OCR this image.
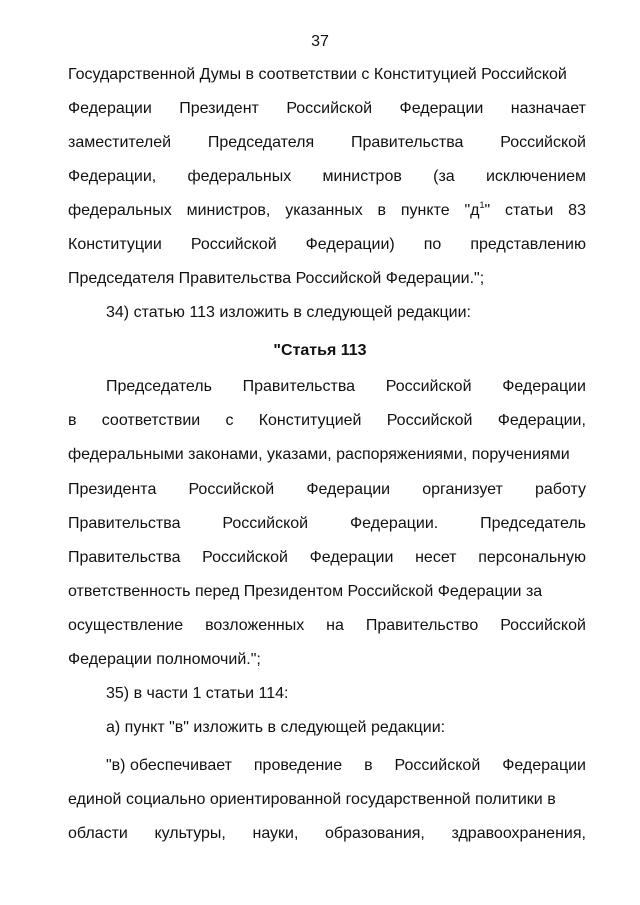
37
Государственной Думы в соответствии с Конституцией Российской
Федерации Президент Российской Федерации назначает
заместителей Председателя Правительства Российской
Федерации, федеральных министров (за исключением
федеральных министров, указанных в пункте "$д^1$" статьи 83
Конституции Российской Федерации) по представлению
Председателя Правительства Российской Федерации.";
34) статью 113 изложить в следующей редакции:
"Статья 113
Председатель Правительства Российской Федерации
в соответствии с Конституцией Российской Федерации,
федеральными законами, указами, распоряжениями, поручениями
Президента Российской Федерации организует работу
Правительства	Российской	Федерации.	Председатель
Правительства Российской Федерации несет персональную
ответственность перед Президентом Российской Федерации за
осуществление возложенных на Правительство Российской
Федерации полномочий.";
35) в части 1 статьи 114:
а) пункт "в" изложить в следующей редакции:
"в) обеспечивает проведение в Российской Федерации
единой социально ориентированной государственной политики в
области культуры, науки, образования, здравоохранения,
